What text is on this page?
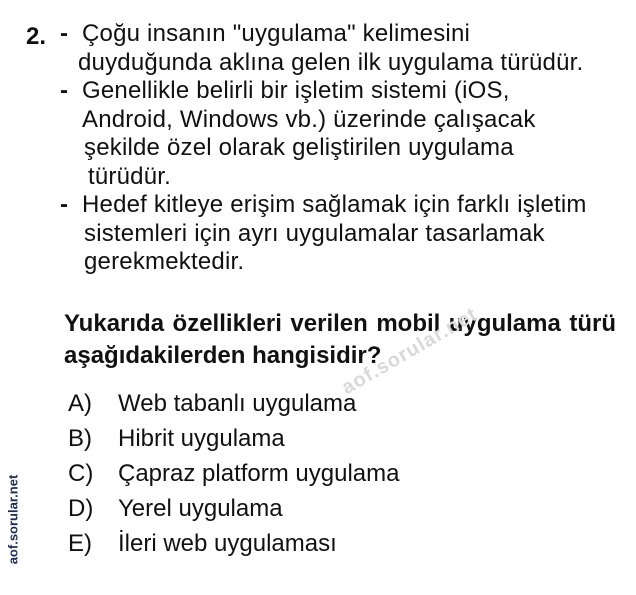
2. - Çoğu insanın "uygulama" kelimesini
duyduğunda aklına gelen ilk uygulama türüdür.
- Genellikle belirli bir işletim sistemi (iOS,
Android, Windows vb.) üzerinde çalışacak
şekilde özel olarak geliştirilen uygulama
türüdür.
- Hedef kitleye erişim sağlamak için farklı işletim
sistemleri için ayrı uygulamalar tasarlamak
gerekmektedir.
Yukarıda özellikleri verilen mobil uygulama türü aşağıdakilerden hangisidir?
A)	Web tabanlı uygulama
B)	Hibrit uygulama
C)	Çapraz platform uygulama
D)	Yerel uygulama
E)	İleri web uygulaması
aof.sorular.net
aof.sorular.net
